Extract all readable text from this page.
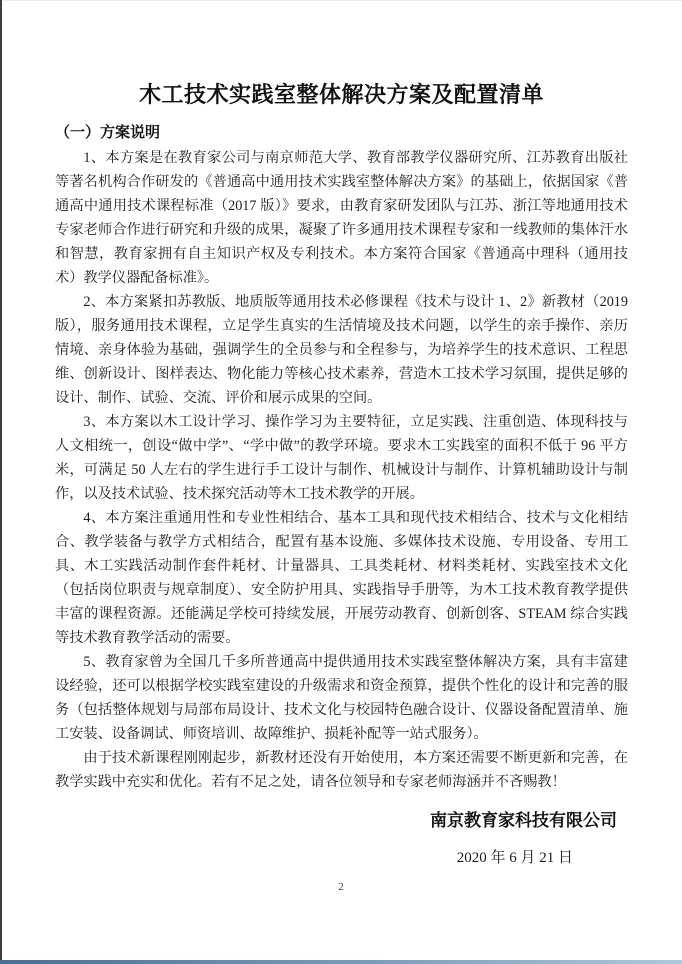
木工技术实践室整体解决方案及配置清单
（一）方案说明

1、本方案是在教育家公司与南京师范大学、教育部教学仪器研究所、江苏教育出版社等著名机构合作研发的《普通高中通用技术实践室整体解决方案》的基础上，依据国家《普通高中通用技术课程标准（2017 版）》要求，由教育家研发团队与江苏、浙江等地通用技术专家老师合作进行研究和升级的成果，凝聚了许多通用技术课程专家和一线教师的集体汗水和智慧，教育家拥有自主知识产权及专利技术。本方案符合国家《普通高中理科（通用技术）教学仪器配备标准》。

2、本方案紧扣苏教版、地质版等通用技术必修课程《技术与设计 1、2》新教材（2019 版），服务通用技术课程，立足学生真实的生活情境及技术问题，以学生的亲手操作、亲历情境、亲身体验为基础，强调学生的全员参与和全程参与，为培养学生的技术意识、工程思维、创新设计、图样表达、物化能力等核心技术素养，营造木工技术学习氛围，提供足够的设计、制作、试验、交流、评价和展示成果的空间。

3、本方案以木工设计学习、操作学习为主要特征，立足实践、注重创造、体现科技与人文相统一，创设“做中学”、“学中做”的教学环境。要求木工实践室的面积不低于 96 平方米，可满足 50 人左右的学生进行手工设计与制作、机械设计与制作、计算机辅助设计与制作，以及技术试验、技术探究活动等木工技术教学的开展。

4、本方案注重通用性和专业性相结合、基本工具和现代技术相结合、技术与文化相结合、教学装备与教学方式相结合，配置有基本设施、多媒体技术设施、专用设备、专用工具、木工实践活动制作套件耗材、计量器具、工具类耗材、材料类耗材、实践室技术文化（包括岗位职责与规章制度）、安全防护用具、实践指导手册等，为木工技术教育教学提供丰富的课程资源。还能满足学校可持续发展，开展劳动教育、创新创客、STEAM 综合实践等技术教育教学活动的需要。

5、教育家曾为全国几千多所普通高中提供通用技术实践室整体解决方案，具有丰富建设经验，还可以根据学校实践室建设的升级需求和资金预算，提供个性化的设计和完善的服务（包括整体规划与局部布局设计、技术文化与校园特色融合设计、仪器设备配置清单、施工安装、设备调试、师资培训、故障维护、损耗补配等一站式服务）。

由于技术新课程刚刚起步，新教材还没有开始使用，本方案还需要不断更新和完善，在教学实践中充实和优化。若有不足之处，请各位领导和专家老师海涵并不吝赐教！

南京教育家科技有限公司
2020 年 6 月 21 日
2
